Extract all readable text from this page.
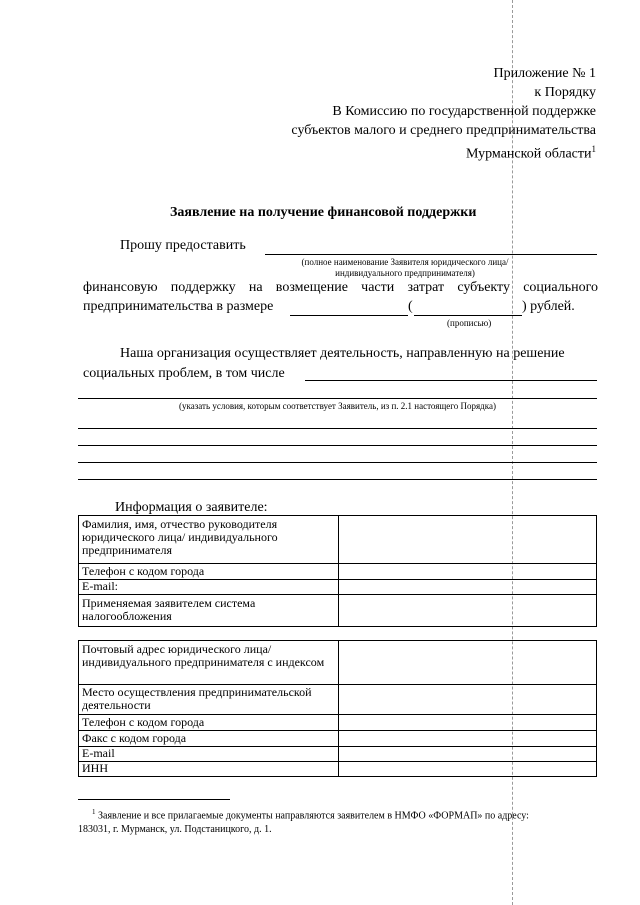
Приложение № 1
к Порядку
В Комиссию по государственной поддержке
субъектов малого и среднего предпринимательства
Мурманской области$^1$
Заявление на получение финансовой поддержки
Прошу предоставить
(полное наименование Заявителя юридического лица/
индивидуального предпринимателя)
финансовую поддержку на возмещение части затрат субъекту социального
предпринимательства в размере	(	) рублей.
(прописью)
Наша организация осуществляет деятельность, направленную на решение
социальных проблем, в том числе
(указать условия, которым соответствует Заявитель, из п. 2.1 настоящего Порядка)
Информация о заявителе:
Фамилия, имя, отчество руководителя юридического лица/ индивидуального предпринимателя
Телефон с кодом города
E-mail:
Применяемая заявителем система налогообложения
Почтовый адрес юридического лица/ индивидуального предпринимателя с индексом
Место осуществления предпринимательской деятельности
Телефон с кодом города
Факс с кодом города
E-mail
ИНН
$^1$ Заявление и все прилагаемые документы направляются заявителем в НМФО «ФОРМАП» по адресу:
183031, г. Мурманск, ул. Подстаницкого, д. 1.
